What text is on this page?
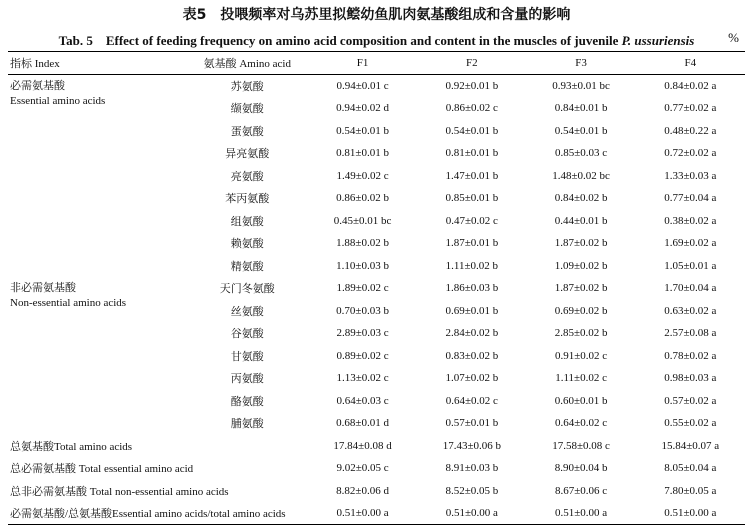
表5　投喂频率对乌苏里拟鲿幼鱼肌肉氨基酸组成和含量的影响
Tab. 5　Effect of feeding frequency on amino acid composition and content in the muscles of juvenile P. ussuriensis	%
指标 Index	氨基酸 Amino acid	F1	F2	F3	F4

必需氨基酸
Essential amino acids	苏氨酸	0.94±0.01 c	0.92±0.01 b	0.93±0.01 bc	0.84±0.02 a
	缬氨酸	0.94±0.02 d	0.86±0.02 c	0.84±0.01 b	0.77±0.02 a
	蛋氨酸	0.54±0.01 b	0.54±0.01 b	0.54±0.01 b	0.48±0.22 a
	异亮氨酸	0.81±0.01 b	0.81±0.01 b	0.85±0.03 c	0.72±0.02 a
	亮氨酸	1.49±0.02 c	1.47±0.01 b	1.48±0.02 bc	1.33±0.03 a
	苯丙氨酸	0.86±0.02 b	0.85±0.01 b	0.84±0.02 b	0.77±0.04 a
	组氨酸	0.45±0.01 bc	0.47±0.02 c	0.44±0.01 b	0.38±0.02 a
	赖氨酸	1.88±0.02 b	1.87±0.01 b	1.87±0.02 b	1.69±0.02 a
	精氨酸	1.10±0.03 b	1.11±0.02 b	1.09±0.02 b	1.05±0.01 a

非必需氨基酸
Non-essential amino acids	天门冬氨酸	1.89±0.02 c	1.86±0.03 b	1.87±0.02 b	1.70±0.04 a
	丝氨酸	0.70±0.03 b	0.69±0.01 b	0.69±0.02 b	0.63±0.02 a
	谷氨酸	2.89±0.03 c	2.84±0.02 b	2.85±0.02 b	2.57±0.08 a
	甘氨酸	0.89±0.02 c	0.83±0.02 b	0.91±0.02 c	0.78±0.02 a
	丙氨酸	1.13±0.02 c	1.07±0.02 b	1.11±0.02 c	0.98±0.03 a
	酪氨酸	0.64±0.03 c	0.64±0.02 c	0.60±0.01 b	0.57±0.02 a
	脯氨酸	0.68±0.01 d	0.57±0.01 b	0.64±0.02 c	0.55±0.02 a
总氨基酸Total amino acids		17.84±0.08 d	17.43±0.06 b	17.58±0.08 c	15.84±0.07 a
总必需氨基酸 Total essential amino acid		9.02±0.05 c	8.91±0.03 b	8.90±0.04 b	8.05±0.04 a
总非必需氨基酸 Total non-essential amino acids		8.82±0.06 d	8.52±0.05 b	8.67±0.06 c	7.80±0.05 a
必需氨基酸/总氨基酸Essential amino acids/total amino acids		0.51±0.00 a	0.51±0.00 a	0.51±0.00 a	0.51±0.00 a
